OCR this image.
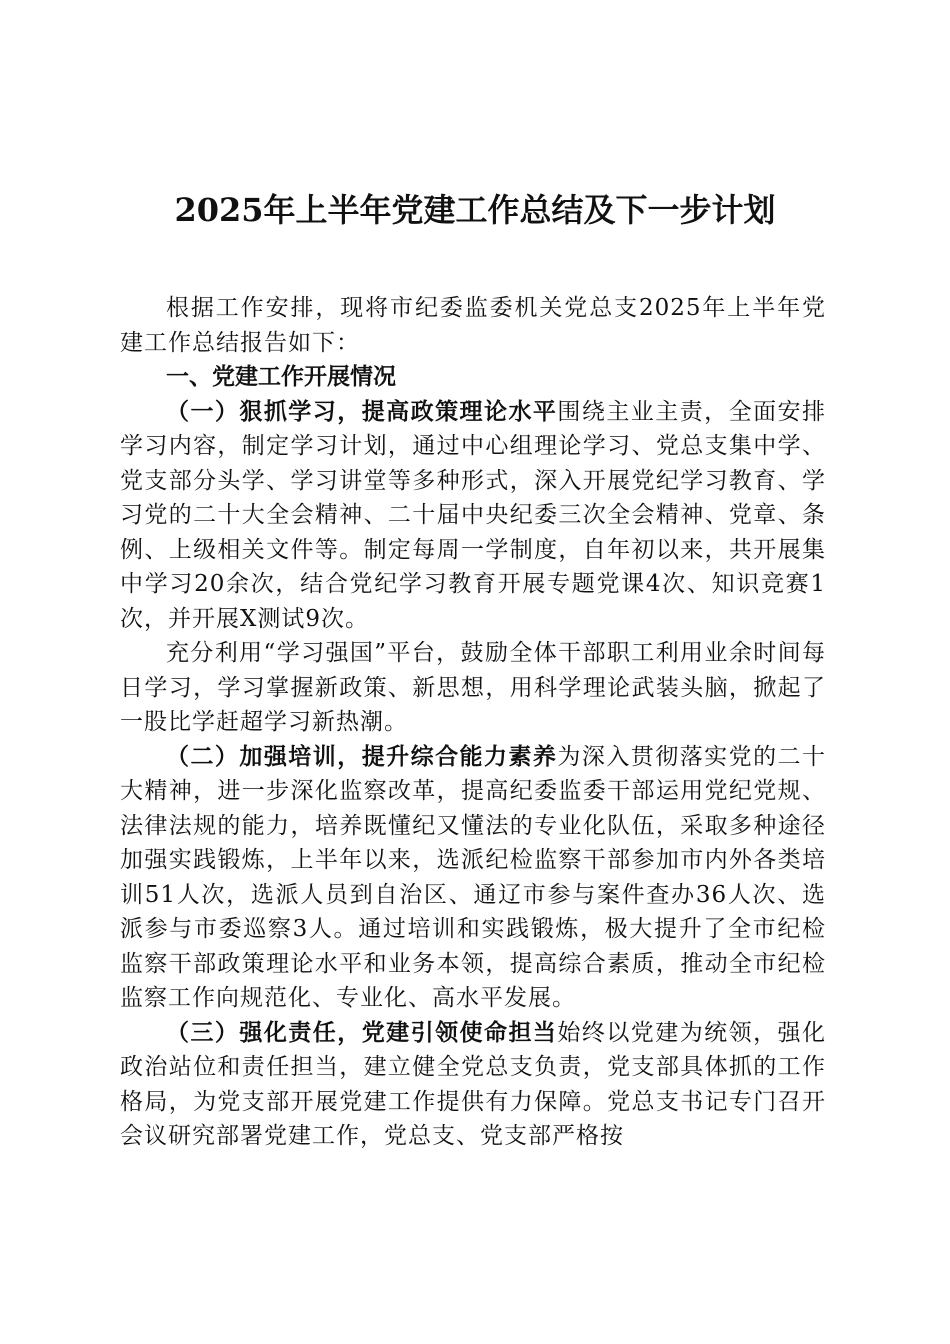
2025年上半年党建工作总结及下一步计划

根据工作安排，现将市纪委监委机关党总支2025年上半年党建工作总结报告如下：

一、党建工作开展情况

（一）狠抓学习，提高政策理论水平围绕主业主责，全面安排学习内容，制定学习计划，通过中心组理论学习、党总支集中学、党支部分头学、学习讲堂等多种形式，深入开展党纪学习教育、学习党的二十大全会精神、二十届中央纪委三次全会精神、党章、条例、上级相关文件等。制定每周一学制度，自年初以来，共开展集中学习20余次，结合党纪学习教育开展专题党课4次、知识竞赛1次，并开展X测试9次。

充分利用“学习强国”平台，鼓励全体干部职工利用业余时间每日学习，学习掌握新政策、新思想，用科学理论武装头脑，掀起了一股比学赶超学习新热潮。

（二）加强培训，提升综合能力素养为深入贯彻落实党的二十大精神，进一步深化监察改革，提高纪委监委干部运用党纪党规、法律法规的能力，培养既懂纪又懂法的专业化队伍，采取多种途径加强实践锻炼，上半年以来，选派纪检监察干部参加市内外各类培训51人次，选派人员到自治区、通辽市参与案件查办36人次、选派参与市委巡察3人。通过培训和实践锻炼，极大提升了全市纪检监察干部政策理论水平和业务本领，提高综合素质，推动全市纪检监察工作向规范化、专业化、高水平发展。

（三）强化责任，党建引领使命担当始终以党建为统领，强化政治站位和责任担当，建立健全党总支负责，党支部具体抓的工作格局，为党支部开展党建工作提供有力保障。党总支书记专门召开会议研究部署党建工作，党总支、党支部严格按
